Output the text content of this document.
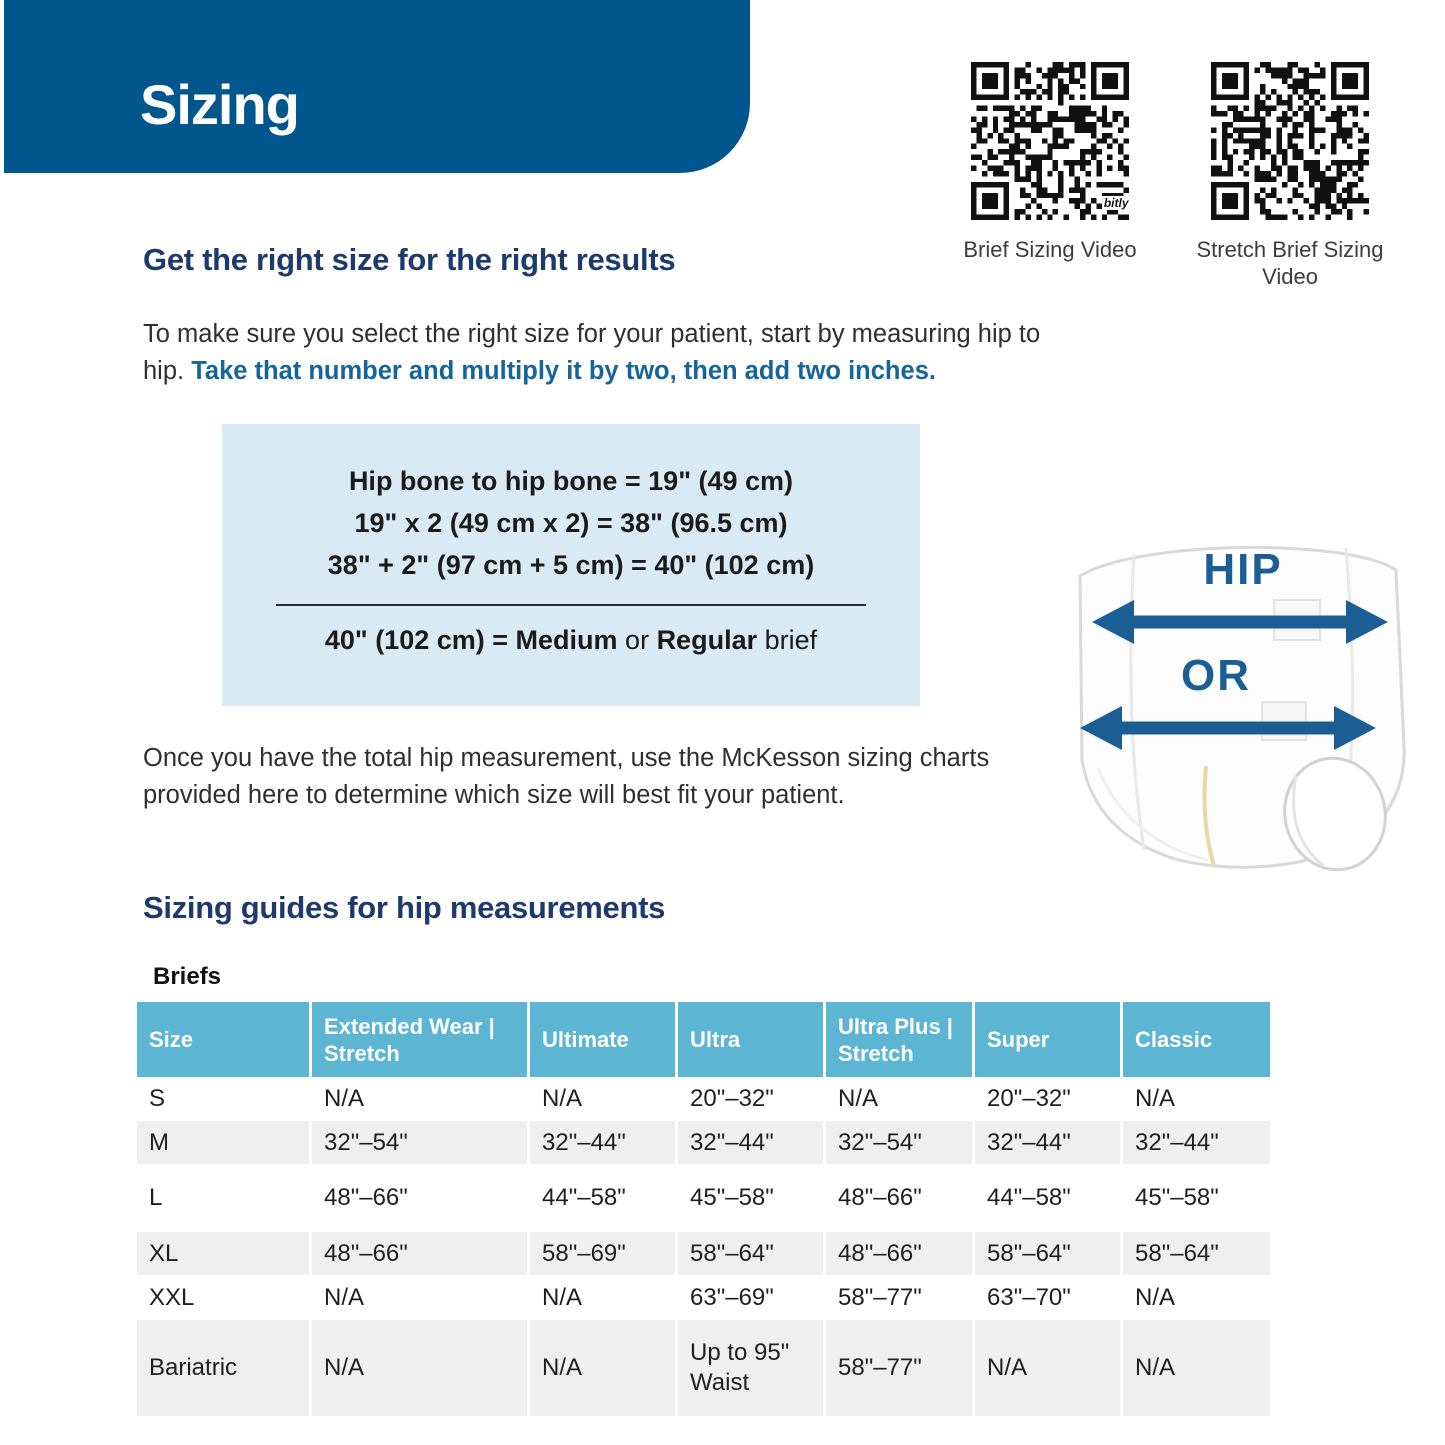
Sizing
bitly
Brief Sizing Video	Stretch Brief Sizing Video
Get the right size for the right results

To make sure you select the right size for your patient, start by measuring hip to hip. Take that number and multiply it by two, then add two inches.

Hip bone to hip bone = 19" (49 cm)

19" x 2 (49 cm x 2) = 38" (96.5 cm)

38" + 2" (97 cm + 5 cm) = 40" (102 cm)

40" (102 cm) = Medium or Regular brief

HIP
OR

Once you have the total hip measurement, use the McKesson sizing charts provided here to determine which size will best fit your patient.

Sizing guides for hip measurements

Briefs

Size	Extended Wear | Stretch	Ultimate	Ultra	Ultra Plus | Stretch	Super	Classic
S	N/A	N/A	20"–32"	N/A	20"–32"	N/A
M	32"–54"	32"–44"	32"–44"	32"–54"	32"–44"	32"–44"
L	48"–66"	44"–58"	45"–58"	48"–66"	44"–58"	45"–58"
XL	48"–66"	58"–69"	58"–64"	48"–66"	58"–64"	58"–64"
XXL	N/A	N/A	63"–69"	58"–77"	63"–70"	N/A
Bariatric	N/A	N/A	Up to 95" Waist	58"–77"	N/A	N/A
